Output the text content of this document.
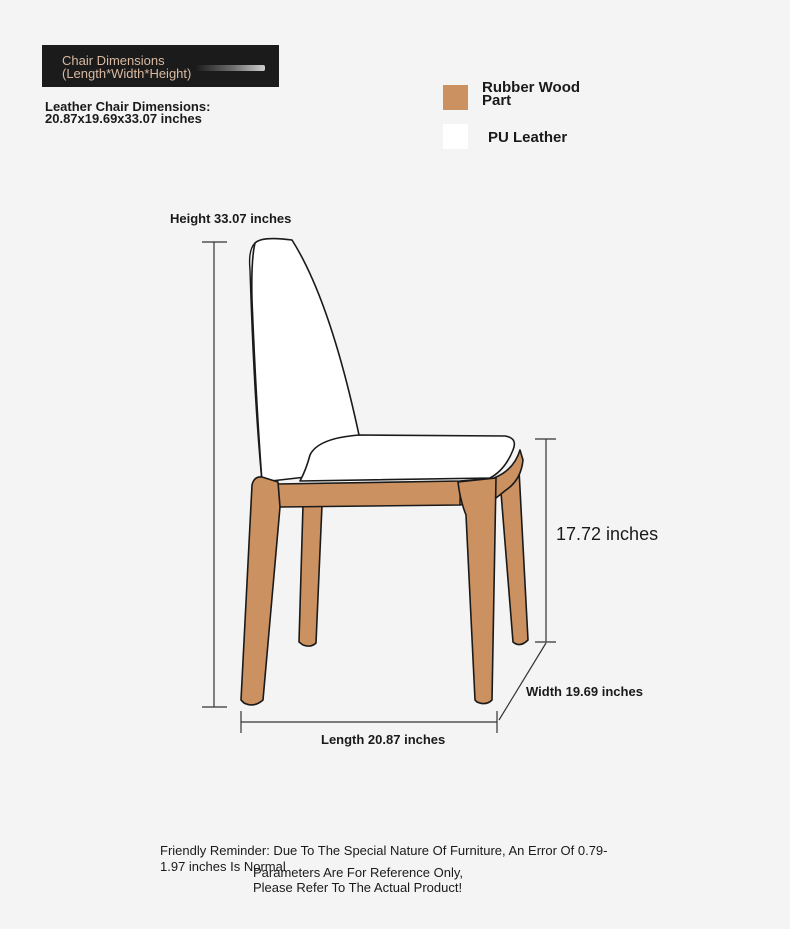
Chair Dimensions
(Length*Width*Height)
Leather Chair Dimensions:
20.87x19.69x33.07 inches
Rubber Wood Part
PU Leather
Height 33.07 inches
17.72 inches
Width 19.69 inches
Length 20.87 inches
Friendly Reminder: Due To The Special Nature Of Furniture, An Error Of 0.79-1.97 inches Is Normal
Parameters Are For Reference Only,
Please Refer To The Actual Product!
